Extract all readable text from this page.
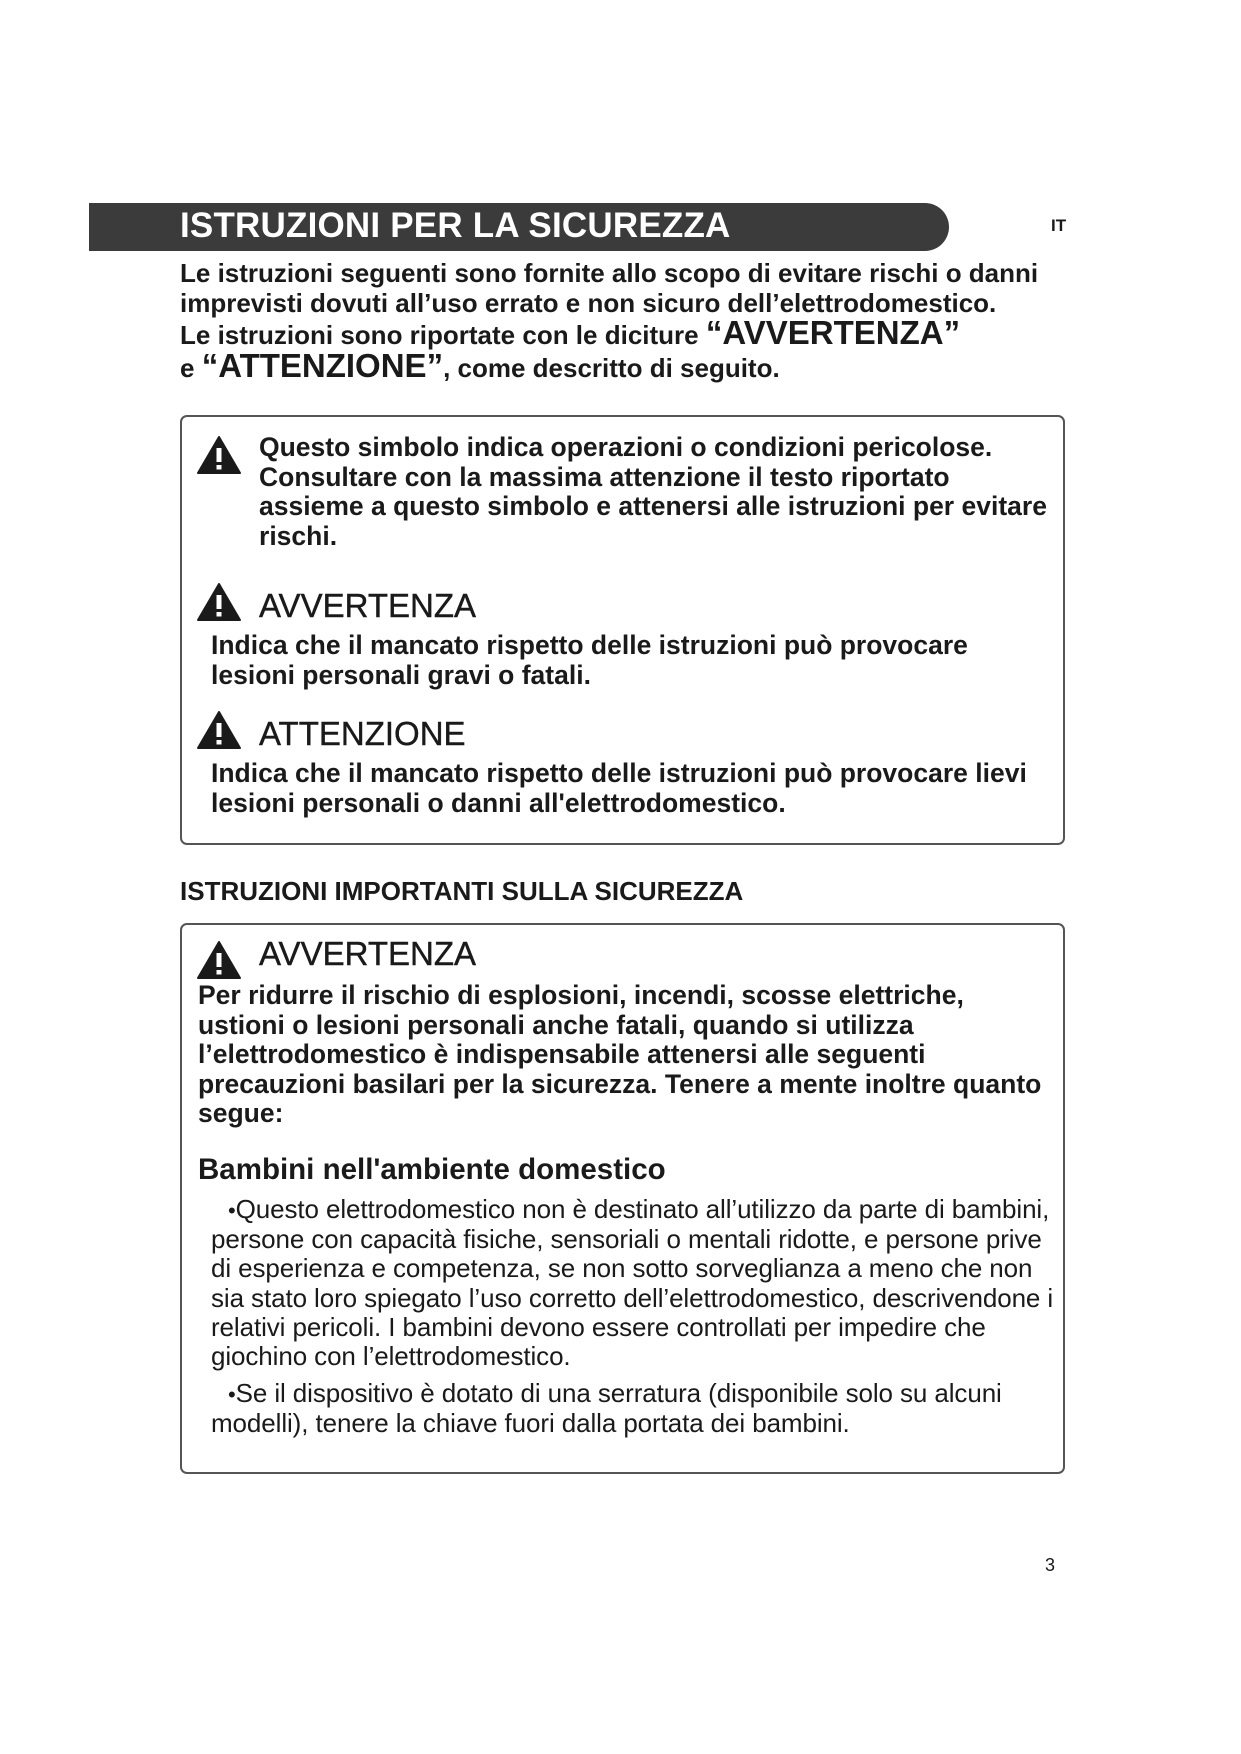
ISTRUZIONI PER LA SICUREZZA	IT

Le istruzioni seguenti sono fornite allo scopo di evitare rischi o danni imprevisti dovuti all’uso errato e non sicuro dell’elettrodomestico.

Le istruzioni sono riportate con le diciture “AVVERTENZA”
e “ATTENZIONE”, come descritto di seguito.

Questo simbolo indica operazioni o condizioni pericolose. Consultare con la massima attenzione il testo riportato assieme a questo simbolo e attenersi alle istruzioni per evitare rischi.

AVVERTENZA

Indica che il mancato rispetto delle istruzioni può provocare lesioni personali gravi o fatali.

ATTENZIONE

Indica che il mancato rispetto delle istruzioni può provocare lievi lesioni personali o danni all'elettrodomestico.

ISTRUZIONI IMPORTANTI SULLA SICUREZZA

AVVERTENZA

Per ridurre il rischio di esplosioni, incendi, scosse elettriche, ustioni o lesioni personali anche fatali, quando si utilizza l’elettrodomestico è indispensabile attenersi alle seguenti precauzioni basilari per la sicurezza. Tenere a mente inoltre quanto segue:

Bambini nell'ambiente domestico

•Questo elettrodomestico non è destinato all’utilizzo da parte di bambini, persone con capacità fisiche, sensoriali o mentali ridotte, e persone prive di esperienza e competenza, se non sotto sorveglianza a meno che non sia stato loro spiegato l’uso corretto dell’elettrodomestico, descrivendone i relativi pericoli. I bambini devono essere controllati per impedire che giochino con l’elettrodomestico.
•Se il dispositivo è dotato di una serratura (disponibile solo su alcuni modelli), tenere la chiave fuori dalla portata dei bambini.
3
